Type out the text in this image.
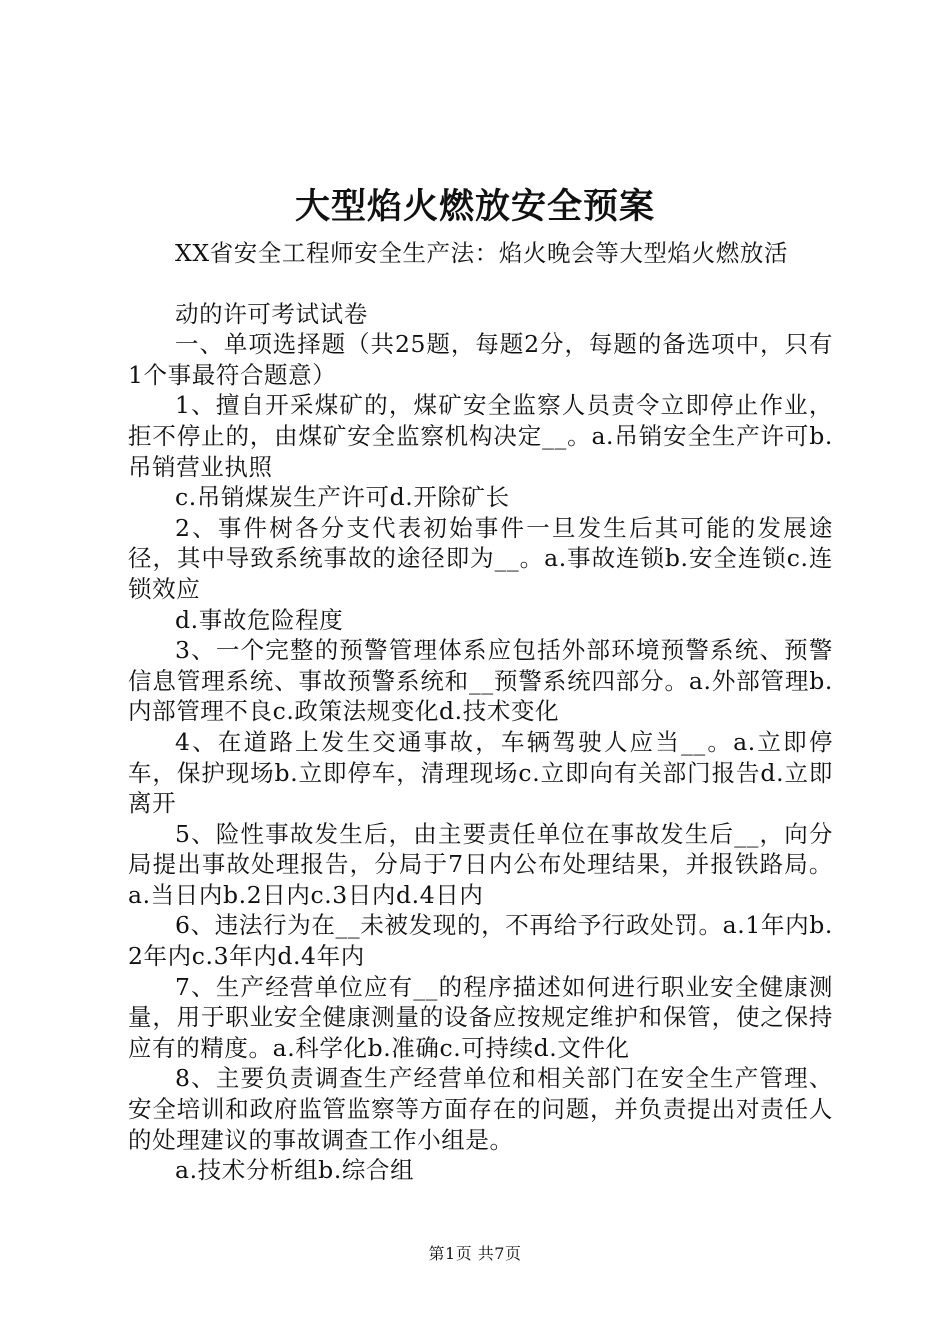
大型焰火燃放安全预案

XX省安全工程师安全生产法：焰火晚会等大型焰火燃放活

动的许可考试试卷

一、单项选择题（共25题，每题2分，每题的备选项中，只有1个事最符合题意）

1、擅自开采煤矿的，煤矿安全监察人员责令立即停止作业，拒不停止的，由煤矿安全监察机构决定__。a.吊销安全生产许可b.吊销营业执照

c.吊销煤炭生产许可d.开除矿长

2、事件树各分支代表初始事件一旦发生后其可能的发展途径，其中导致系统事故的途径即为__。a.事故连锁b.安全连锁c.连锁效应

d.事故危险程度

3、一个完整的预警管理体系应包括外部环境预警系统、预警信息管理系统、事故预警系统和__预警系统四部分。a.外部管理b.内部管理不良c.政策法规变化d.技术变化

4、在道路上发生交通事故，车辆驾驶人应当__。a.立即停车，保护现场b.立即停车，清理现场c.立即向有关部门报告d.立即离开

5、险性事故发生后，由主要责任单位在事故发生后__，向分局提出事故处理报告，分局于7日内公布处理结果，并报铁路局。a.当日内b.2日内c.3日内d.4日内

6、违法行为在__未被发现的，不再给予行政处罚。a.1年内b.2年内c.3年内d.4年内

7、生产经营单位应有__的程序描述如何进行职业安全健康测量，用于职业安全健康测量的设备应按规定维护和保管，使之保持应有的精度。a.科学化b.准确c.可持续d.文件化

8、主要负责调查生产经营单位和相关部门在安全生产管理、安全培训和政府监管监察等方面存在的问题，并负责提出对责任人的处理建议的事故调查工作小组是。

a.技术分析组b.综合组

第1页 共7页
